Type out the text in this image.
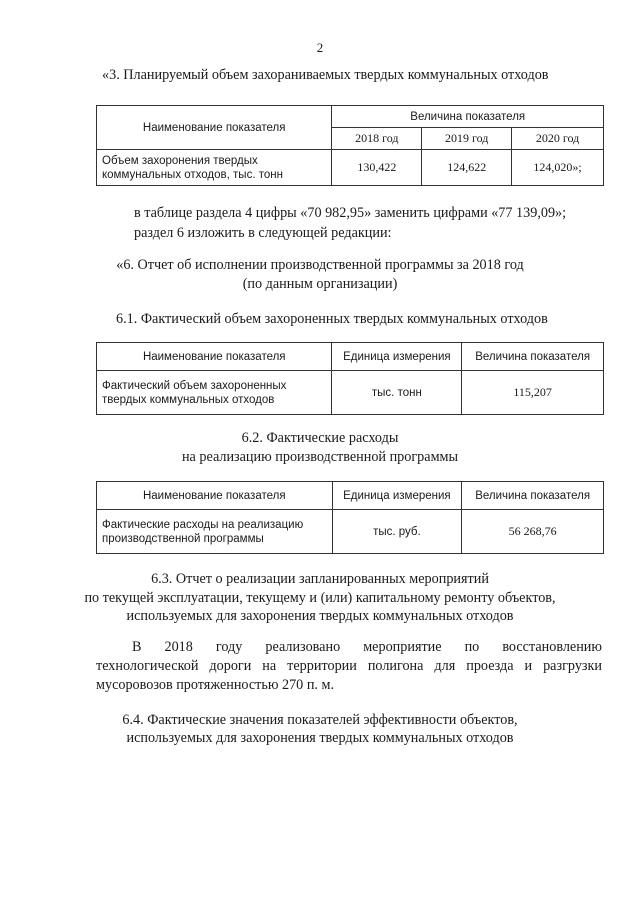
2
«3. Планируемый объем захораниваемых твердых коммунальных отходов
Наименование показателя	Величина показателя		
	2018 год	2019 год	2020 год
Объем захоронения твердых коммунальных отходов, тыс. тонн	130,422	124,622	124,020»;
в таблице раздела 4 цифры «70 982,95» заменить цифрами «77 139,09»;
раздел 6 изложить в следующей редакции:
«6. Отчет об исполнении производственной программы за 2018 год
(по данным организации)
6.1. Фактический объем захороненных твердых коммунальных отходов
Наименование показателя	Единица измерения	Величина показателя
Фактический объем захороненных твердых коммунальных отходов	тыс. тонн	115,207
6.2. Фактические расходы
на реализацию производственной программы
Наименование показателя	Единица измерения	Величина показателя
Фактические расходы на реализацию производственной программы	тыс. руб.	56 268,76
6.3. Отчет о реализации запланированных мероприятий
по текущей эксплуатации, текущему и (или) капитальному ремонту объектов,
используемых для захоронения твердых коммунальных отходов
В 2018 году реализовано мероприятие по восстановлению
технологической дороги на территории полигона для проезда и разгрузки
мусоровозов протяженностью 270 п. м.
6.4. Фактические значения показателей эффективности объектов,
используемых для захоронения твердых коммунальных отходов
